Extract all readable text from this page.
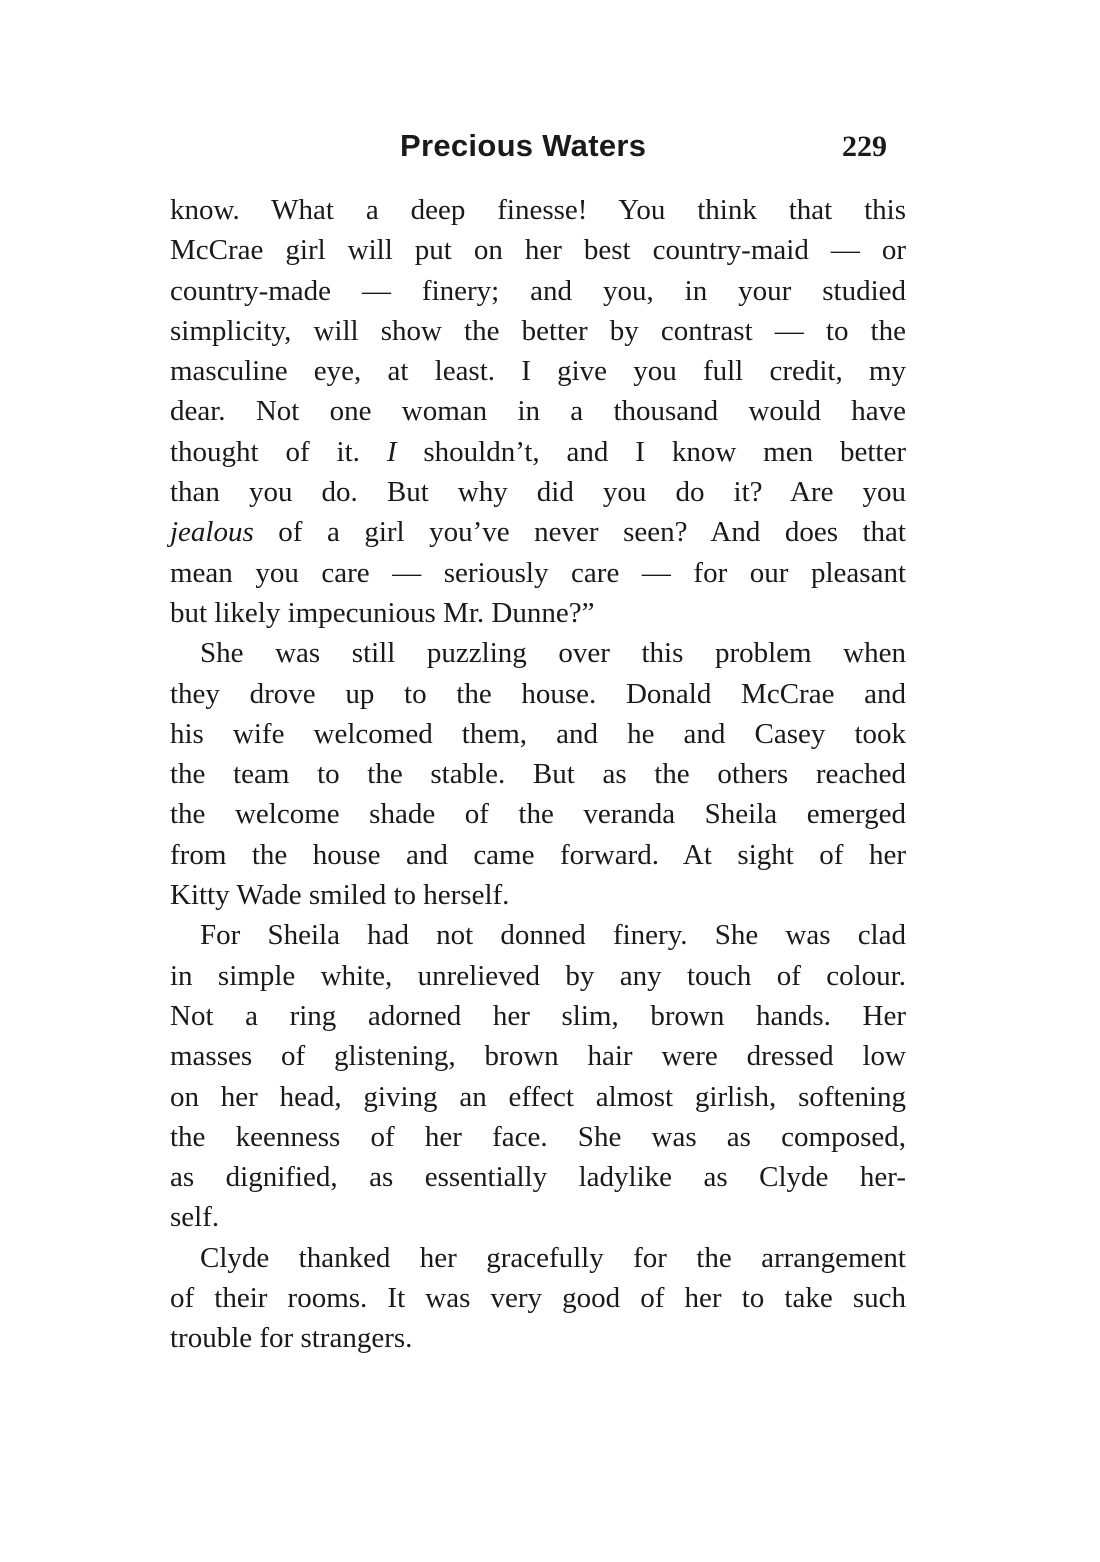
Precious Waters	229
know. What a deep finesse! You think that this
McCrae girl will put on her best country-maid — or
country-made — finery; and you, in your studied
simplicity, will show the better by contrast — to the
masculine eye, at least. I give you full credit, my
dear. Not one woman in a thousand would have
thought of it. I shouldn’t, and I know men better
than you do. But why did you do it? Are you
jealous of a girl you’ve never seen? And does that
mean you care — seriously care — for our pleasant
but likely impecunious Mr. Dunne?”
She was still puzzling over this problem when
they drove up to the house. Donald McCrae and
his wife welcomed them, and he and Casey took
the team to the stable. But as the others reached
the welcome shade of the veranda Sheila emerged
from the house and came forward. At sight of her
Kitty Wade smiled to herself.
For Sheila had not donned finery. She was clad
in simple white, unrelieved by any touch of colour.
Not a ring adorned her slim, brown hands. Her
masses of glistening, brown hair were dressed low
on her head, giving an effect almost girlish, softening
the keenness of her face. She was as composed,
as dignified, as essentially ladylike as Clyde her-
self.
Clyde thanked her gracefully for the arrangement
of their rooms. It was very good of her to take such
trouble for strangers.
